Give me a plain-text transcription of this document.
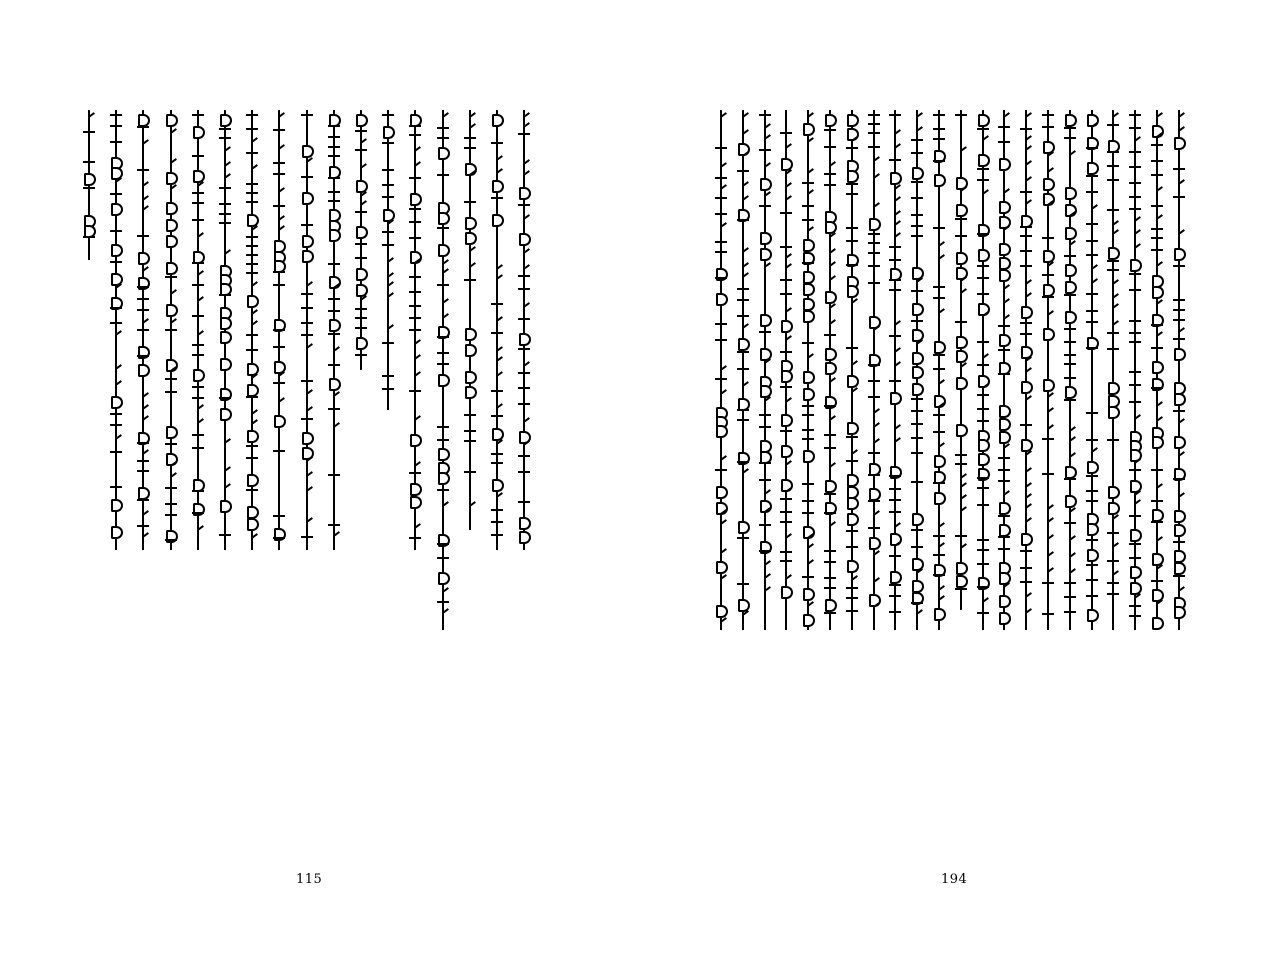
115	194
